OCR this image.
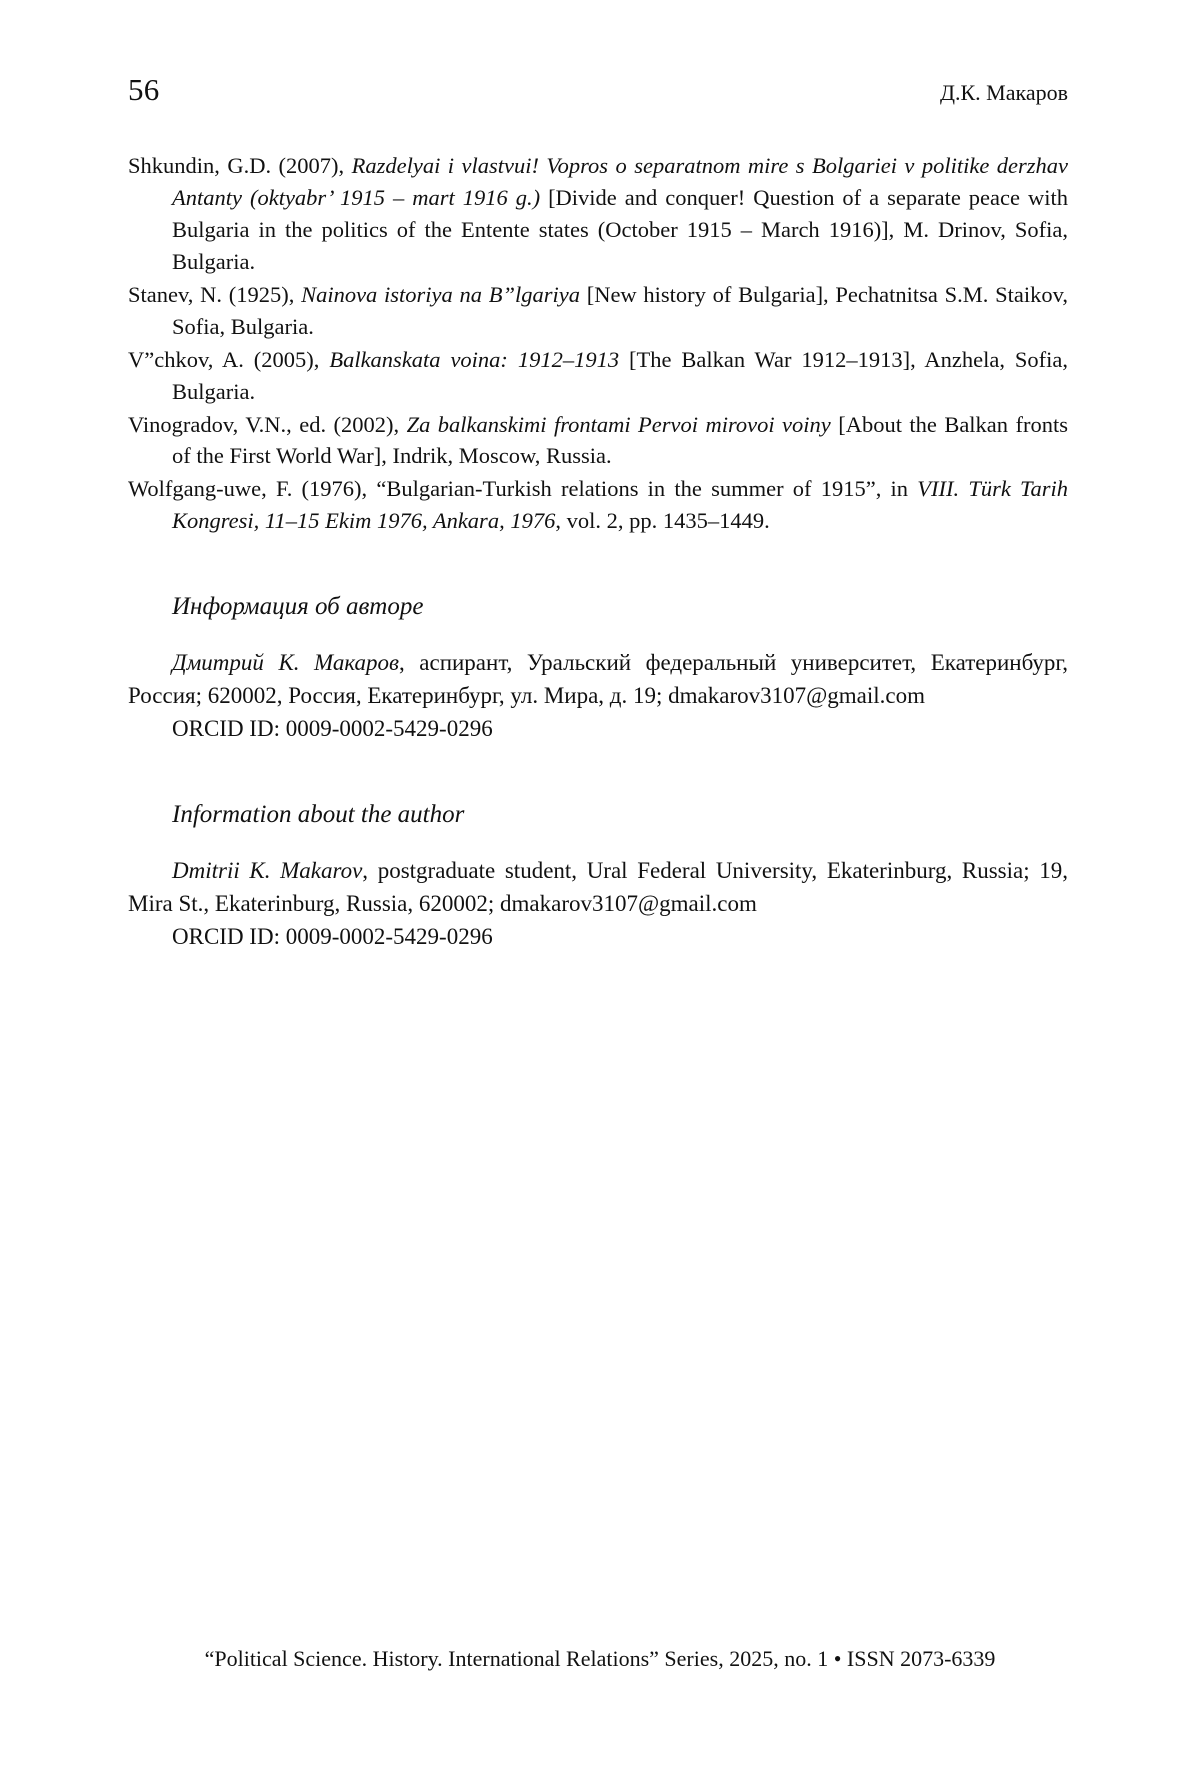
56	Д.К. Макаров
Shkundin, G.D. (2007), Razdelyai i vlastvui! Vopros o separatnom mire s Bolgariei v politike derzhav Antanty (oktyabr’ 1915 – mart 1916 g.) [Divide and conquer! Question of a separate peace with Bulgaria in the politics of the Entente states (October 1915 – March 1916)], M. Drinov, Sofia, Bulgaria.
Stanev, N. (1925), Nainova istoriya na B”lgariya [New history of Bulgaria], Pechatnitsa S.M. Staikov, Sofia, Bulgaria.
V”chkov, A. (2005), Balkanskata voina: 1912–1913 [The Balkan War 1912–1913], Anzhela, Sofia, Bulgaria.
Vinogradov, V.N., ed. (2002), Za balkanskimi frontami Pervoi mirovoi voiny [About the Balkan fronts of the First World War], Indrik, Moscow, Russia.
Wolfgang-uwe, F. (1976), “Bulgarian-Turkish relations in the summer of 1915”, in VIII. Türk Tarih Kongresi, 11–15 Ekim 1976, Ankara, 1976, vol. 2, pp. 1435–1449.
Информация об авторе
Дмитрий К. Макаров, аспирант, Уральский федеральный университет, Екатеринбург, Россия; 620002, Россия, Екатеринбург, ул. Мира, д. 19; dmakarov3107@gmail.com
ORCID ID: 0009-0002-5429-0296
Information about the author
Dmitrii K. Makarov, postgraduate student, Ural Federal University, Ekaterinburg, Russia; 19, Mira St., Ekaterinburg, Russia, 620002; dmakarov3107@gmail.com
ORCID ID: 0009-0002-5429-0296
“Political Science. History. International Relations” Series, 2025, no. 1 • ISSN 2073-6339
